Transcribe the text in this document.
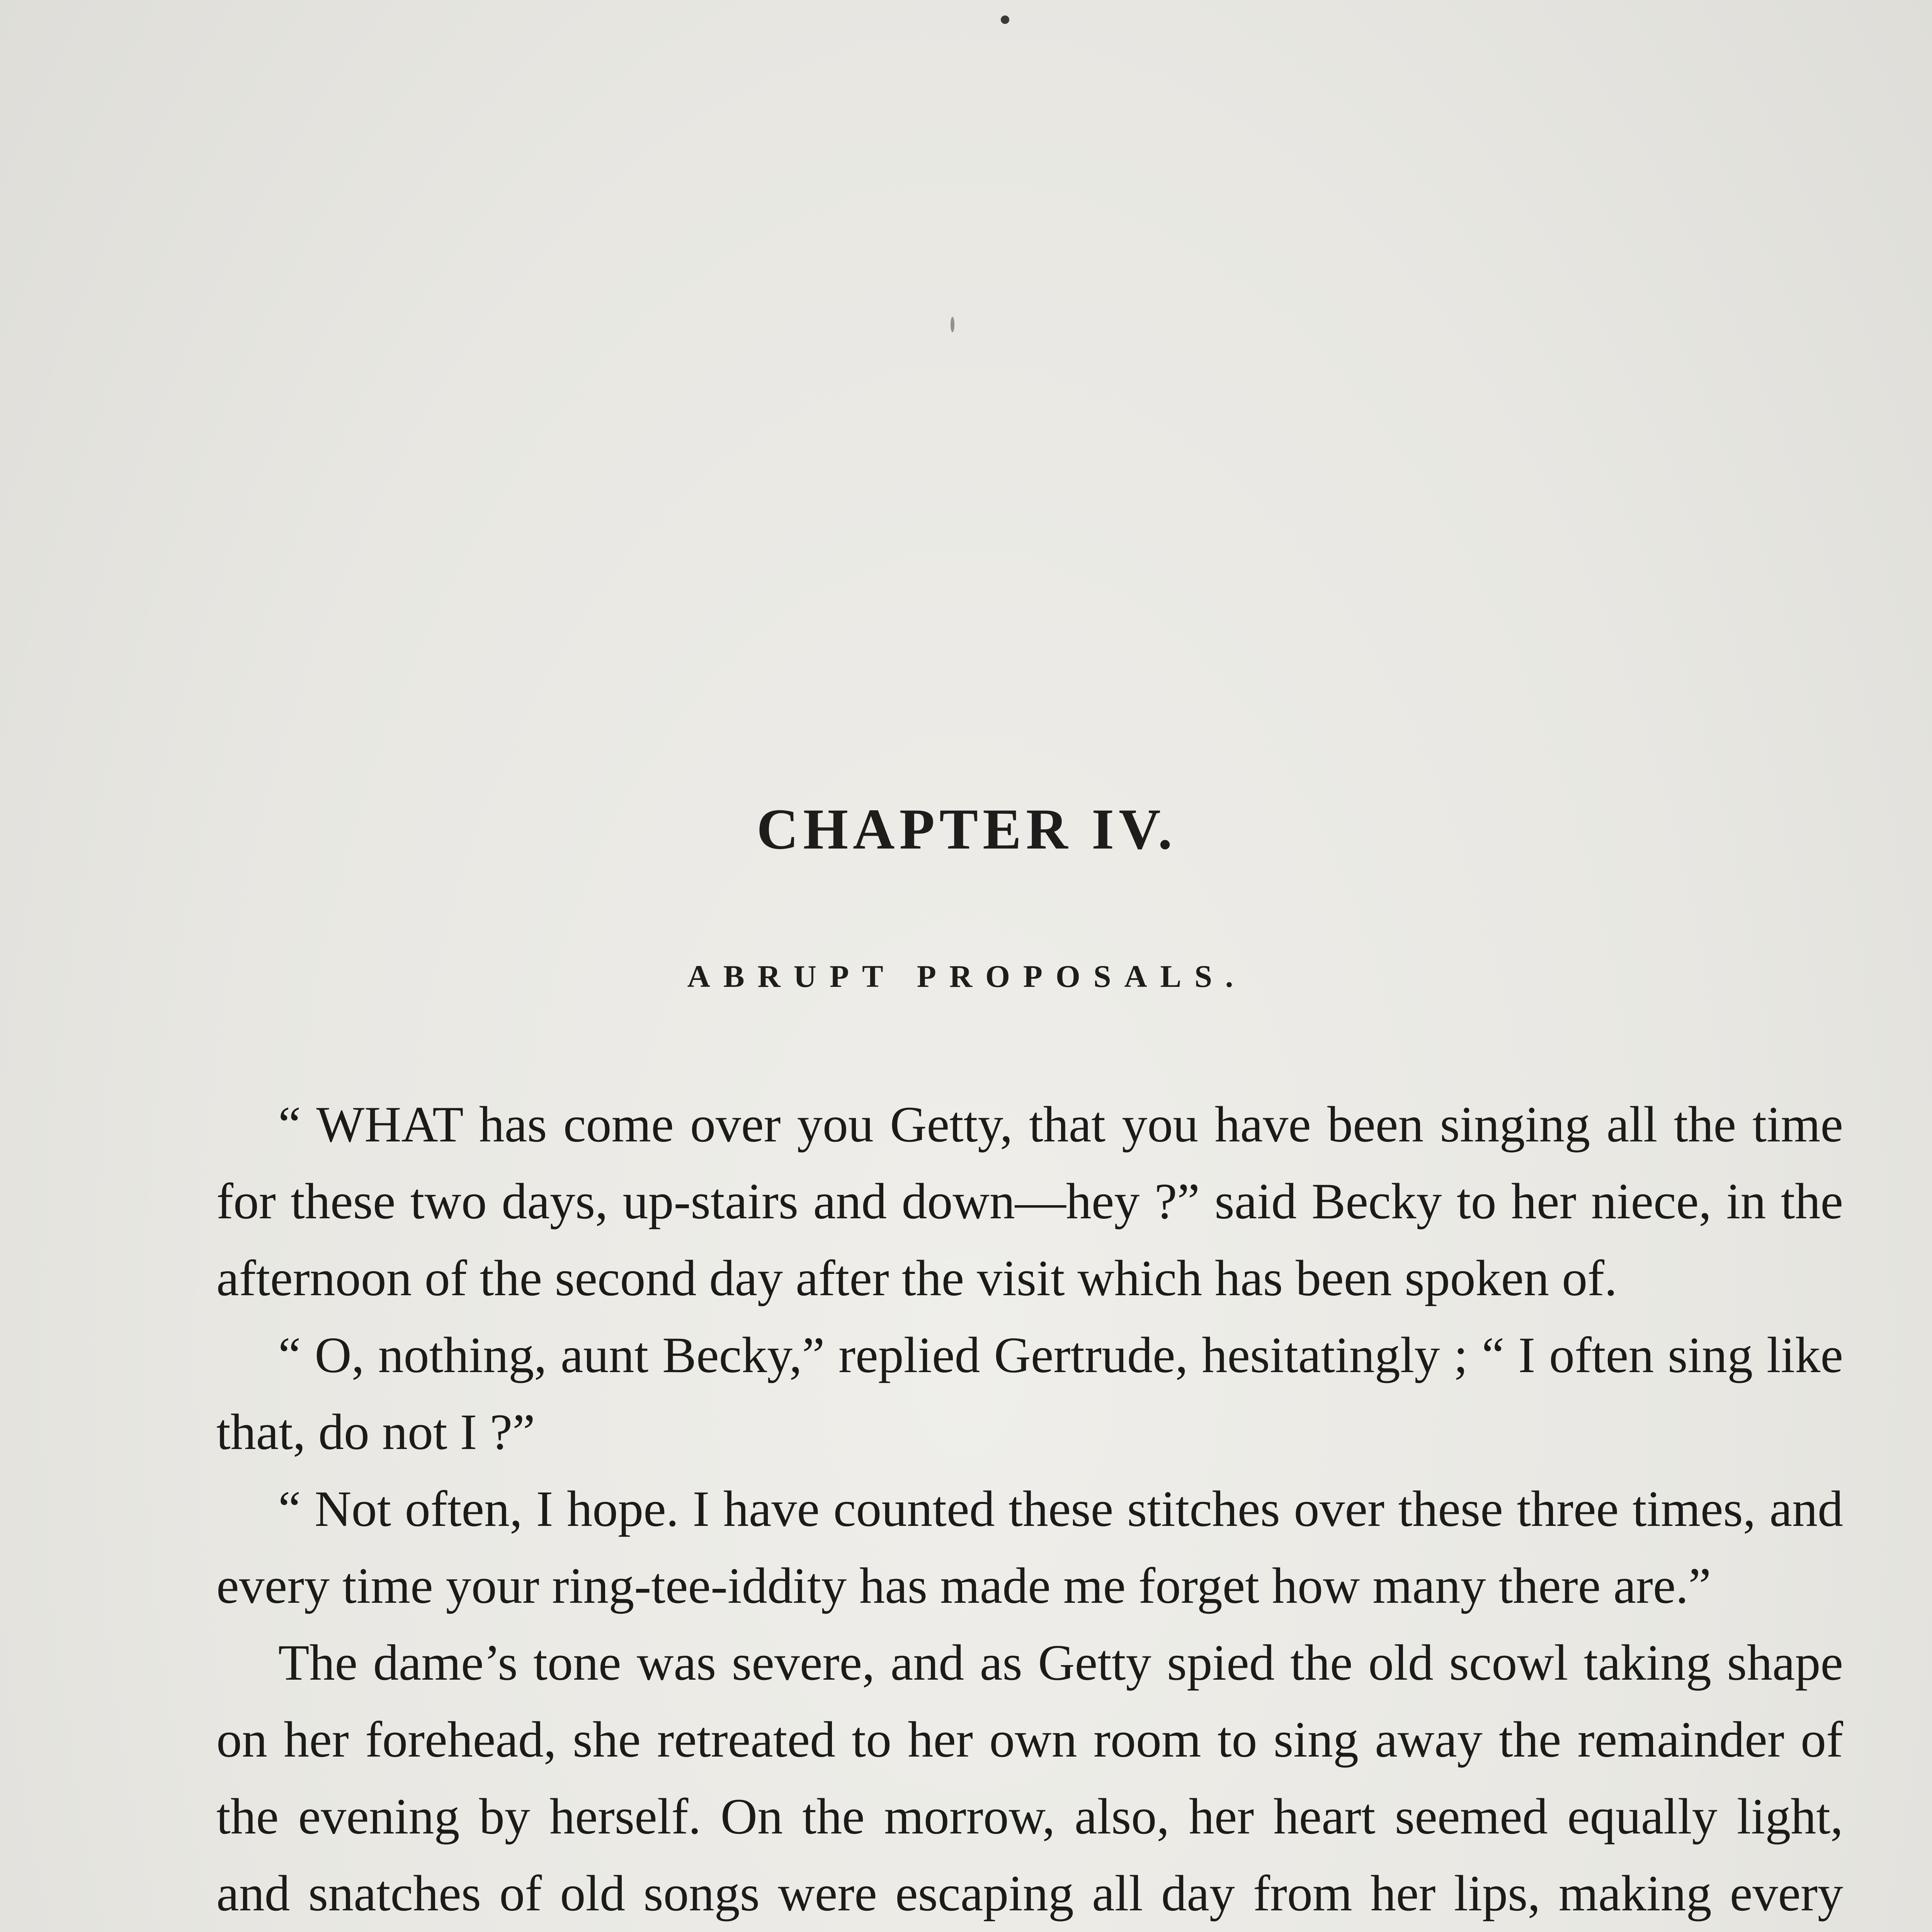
CHAPTER IV.
ABRUPT PROPOSALS.

“ WHAT has come over you Getty, that you have been singing all the time for these two days, up-stairs and down—hey ?” said Becky to her niece, in the afternoon of the second day after the visit which has been spoken of.

“ O, nothing, aunt Becky,” replied Gertrude, hesitatingly ; “ I often sing like that, do not I ?”

“ Not often, I hope. I have counted these stitches over these three times, and every time your ring-tee-iddity has made me forget how many there are.”

The dame’s tone was severe, and as Getty spied the old scowl taking shape on her forehead, she retreated to her own room to sing away the remainder of the evening by herself. On the morrow, also, her heart seemed equally light, and snatches of old songs were escaping all day from her lips, making every
